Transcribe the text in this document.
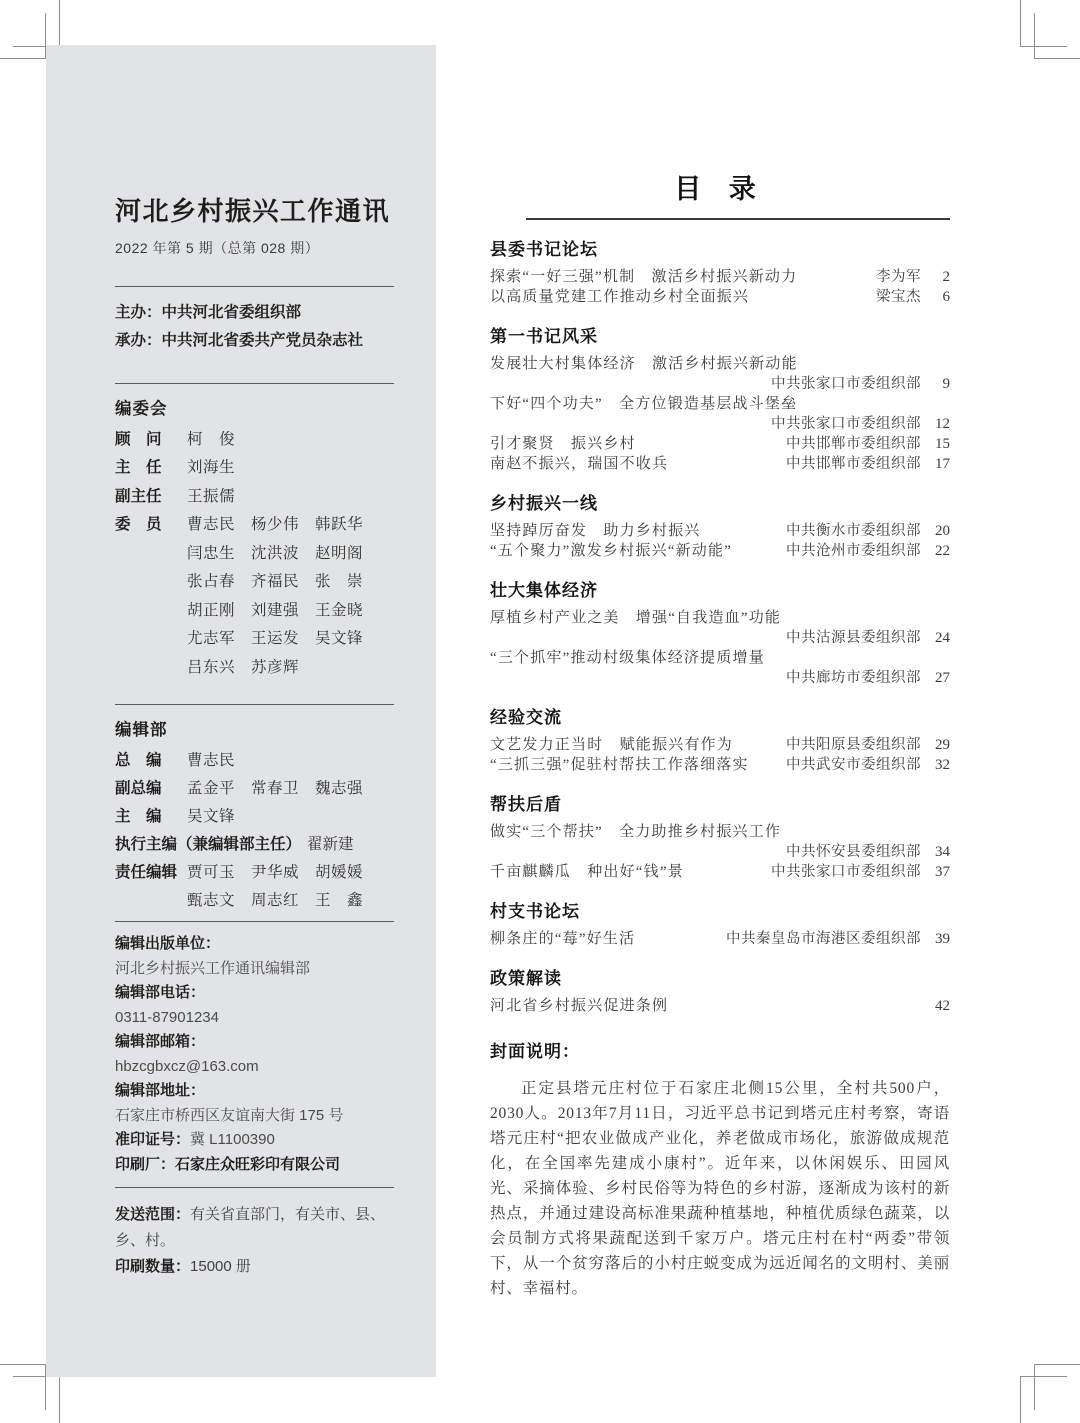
河北乡村振兴工作通讯
2022 年第 5 期（总第 028 期）
主办：中共河北省委组织部
承办：中共河北省委共产党员杂志社
编委会
顾　问	柯　俊
主　任	刘海生
副主任	王振儒
委　员	曹志民　杨少伟　韩跃华
闫忠生　沈洪波　赵明阁
张占春　齐福民　张　崇
胡正刚　刘建强　王金晓
尤志军　王运发　吴文锋
吕东兴　苏彦辉
编辑部
总　编	曹志民
副总编	孟金平　常春卫　魏志强
主　编	吴文锋
执行主编（兼编辑部主任） 翟新建
责任编辑 贾可玉　尹华威　胡媛媛
甄志文　周志红　王　鑫
编辑出版单位：
河北乡村振兴工作通讯编辑部
编辑部电话：
0311-87901234
编辑部邮箱：
hbzcgbxcz@163.com
编辑部地址：
石家庄市桥西区友谊南大街 175 号
准印证号：冀 L1100390
印刷厂：石家庄众旺彩印有限公司
发送范围：有关省直部门，有关市、县、乡、村。
印刷数量：15000 册
目 录
县委书记论坛
探索“一好三强”机制　激活乡村振兴新动力	李为军	2
以高质量党建工作推动乡村全面振兴	梁宝杰	6
第一书记风采
发展壮大村集体经济　激活乡村振兴新动能
中共张家口市委组织部	9
下好“四个功夫”　全方位锻造基层战斗堡垒
中共张家口市委组织部 12
引才聚贤　振兴乡村	中共邯郸市委组织部 15
南赵不振兴，瑞国不收兵	中共邯郸市委组织部 17
乡村振兴一线
坚持踔厉奋发　助力乡村振兴	中共衡水市委组织部 20
“五个聚力”激发乡村振兴“新动能”	中共沧州市委组织部 22
壮大集体经济
厚植乡村产业之美　增强“自我造血”功能
中共沽源县委组织部 24
“三个抓牢”推动村级集体经济提质增量
中共廊坊市委组织部 27
经验交流
文艺发力正当时　赋能振兴有作为	中共阳原县委组织部 29
“三抓三强”促驻村帮扶工作落细落实	中共武安市委组织部 32
帮扶后盾
做实“三个帮扶”　全力助推乡村振兴工作
中共怀安县委组织部 34
千亩麒麟瓜　种出好“钱”景	中共张家口市委组织部 37
村支书论坛
柳条庄的“莓”好生活	中共秦皇岛市海港区委组织部 39
政策解读
河北省乡村振兴促进条例	42
封面说明：

正定县塔元庄村位于石家庄北侧15公里，全村共500户，2030人。2013年7月11日，习近平总书记到塔元庄村考察，寄语塔元庄村“把农业做成产业化，养老做成市场化，旅游做成规范化，在全国率先建成小康村”。近年来，以休闲娱乐、田园风光、采摘体验、乡村民俗等为特色的乡村游，逐渐成为该村的新热点，并通过建设高标准果蔬种植基地，种植优质绿色蔬菜，以会员制方式将果蔬配送到千家万户。塔元庄村在村“两委”带领下，从一个贫穷落后的小村庄蜕变成为远近闻名的文明村、美丽村、幸福村。
